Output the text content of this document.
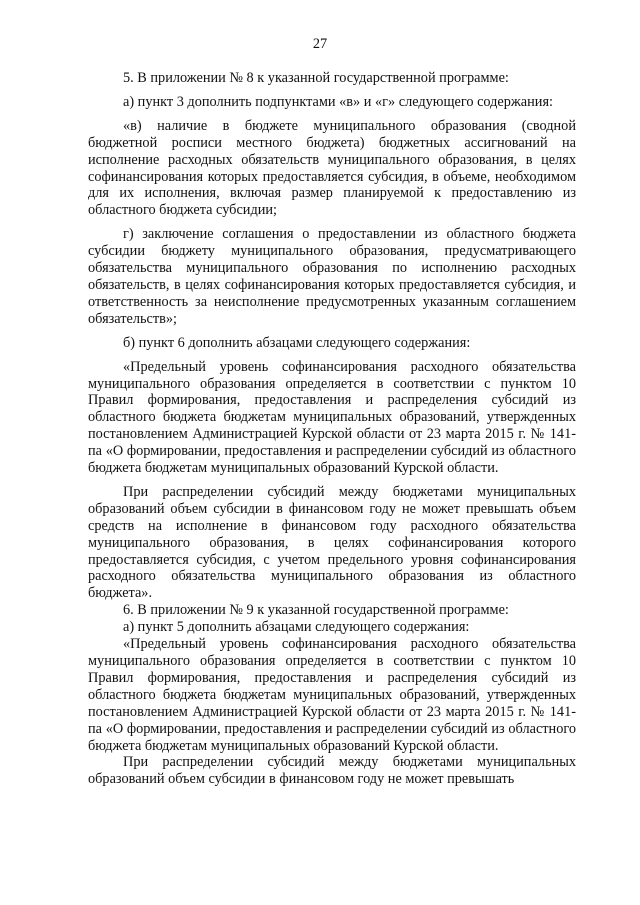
27

5. В приложении № 8 к указанной государственной программе:

а) пункт 3 дополнить подпунктами «в» и «г» следующего содержания:

«в) наличие в бюджете муниципального образования (сводной бюджетной росписи местного бюджета) бюджетных ассигнований на исполнение расходных обязательств муниципального образования, в целях софинансирования которых предоставляется субсидия, в объеме, необходимом для их исполнения, включая размер планируемой к предоставлению из областного бюджета субсидии;

г) заключение соглашения о предоставлении из областного бюджета субсидии бюджету муниципального образования, предусматривающего обязательства муниципального образования по исполнению расходных обязательств, в целях софинансирования которых предоставляется субсидия, и ответственность за неисполнение предусмотренных указанным соглашением обязательств»;

б) пункт 6 дополнить абзацами следующего содержания:

«Предельный уровень софинансирования расходного обязательства муниципального образования определяется в соответствии с пунктом 10 Правил формирования, предоставления и распределения субсидий из областного бюджета бюджетам муниципальных образований, утвержденных постановлением Администрацией Курской области от 23 марта 2015 г. № 141-па «О формировании, предоставления и распределении субсидий из областного бюджета бюджетам муниципальных образований Курской области.

При распределении субсидий между бюджетами муниципальных образований объем субсидии в финансовом году не может превышать объем средств на исполнение в финансовом году расходного обязательства муниципального образования, в целях софинансирования которого предоставляется субсидия, с учетом предельного уровня софинансирования расходного обязательства муниципального образования из областного бюджета».

6. В приложении № 9 к указанной государственной программе:

а) пункт 5 дополнить абзацами следующего содержания:

«Предельный уровень софинансирования расходного обязательства муниципального образования определяется в соответствии с пунктом 10 Правил формирования, предоставления и распределения субсидий из областного бюджета бюджетам муниципальных образований, утвержденных постановлением Администрацией Курской области от 23 марта 2015 г. № 141-па «О формировании, предоставления и распределении субсидий из областного бюджета бюджетам муниципальных образований Курской области.

При распределении субсидий между бюджетами муниципальных образований объем субсидии в финансовом году не может превышать
